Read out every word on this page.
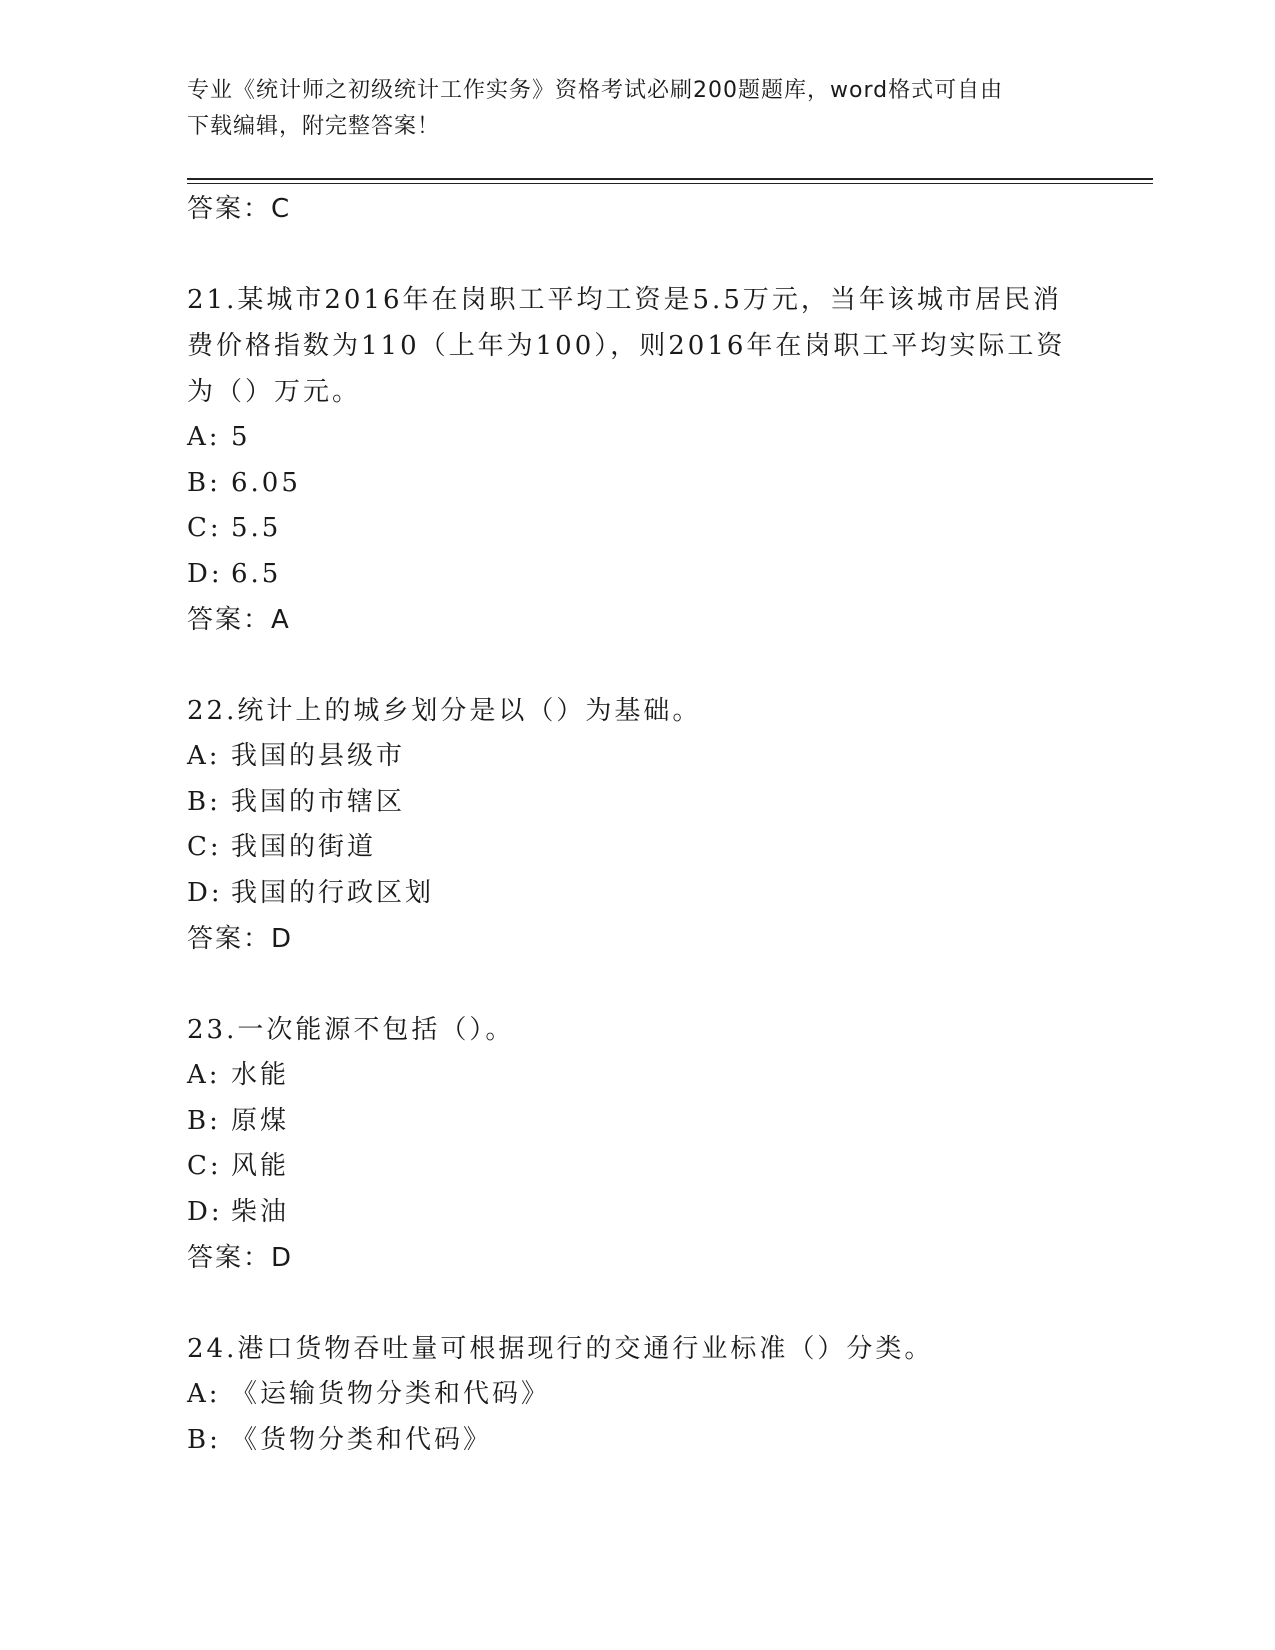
专业《统计师之初级统计工作实务》资格考试必刷200题题库，word格式可自由
下载编辑，附完整答案！

答案：C

21.某城市2016年在岗职工平均工资是5.5万元，当年该城市居民消费价格指数为110（上年为100），则2016年在岗职工平均实际工资为（）万元。

A: 5

B: 6.05

C: 5.5

D: 6.5

答案：A

22.统计上的城乡划分是以（）为基础。

A: 我国的县级市

B: 我国的市辖区

C: 我国的街道

D: 我国的行政区划

答案：D

23.一次能源不包括（）。

A: 水能

B: 原煤

C: 风能

D: 柴油

答案：D

24.港口货物吞吐量可根据现行的交通行业标准（）分类。

A: 《运输货物分类和代码》

B: 《货物分类和代码》
